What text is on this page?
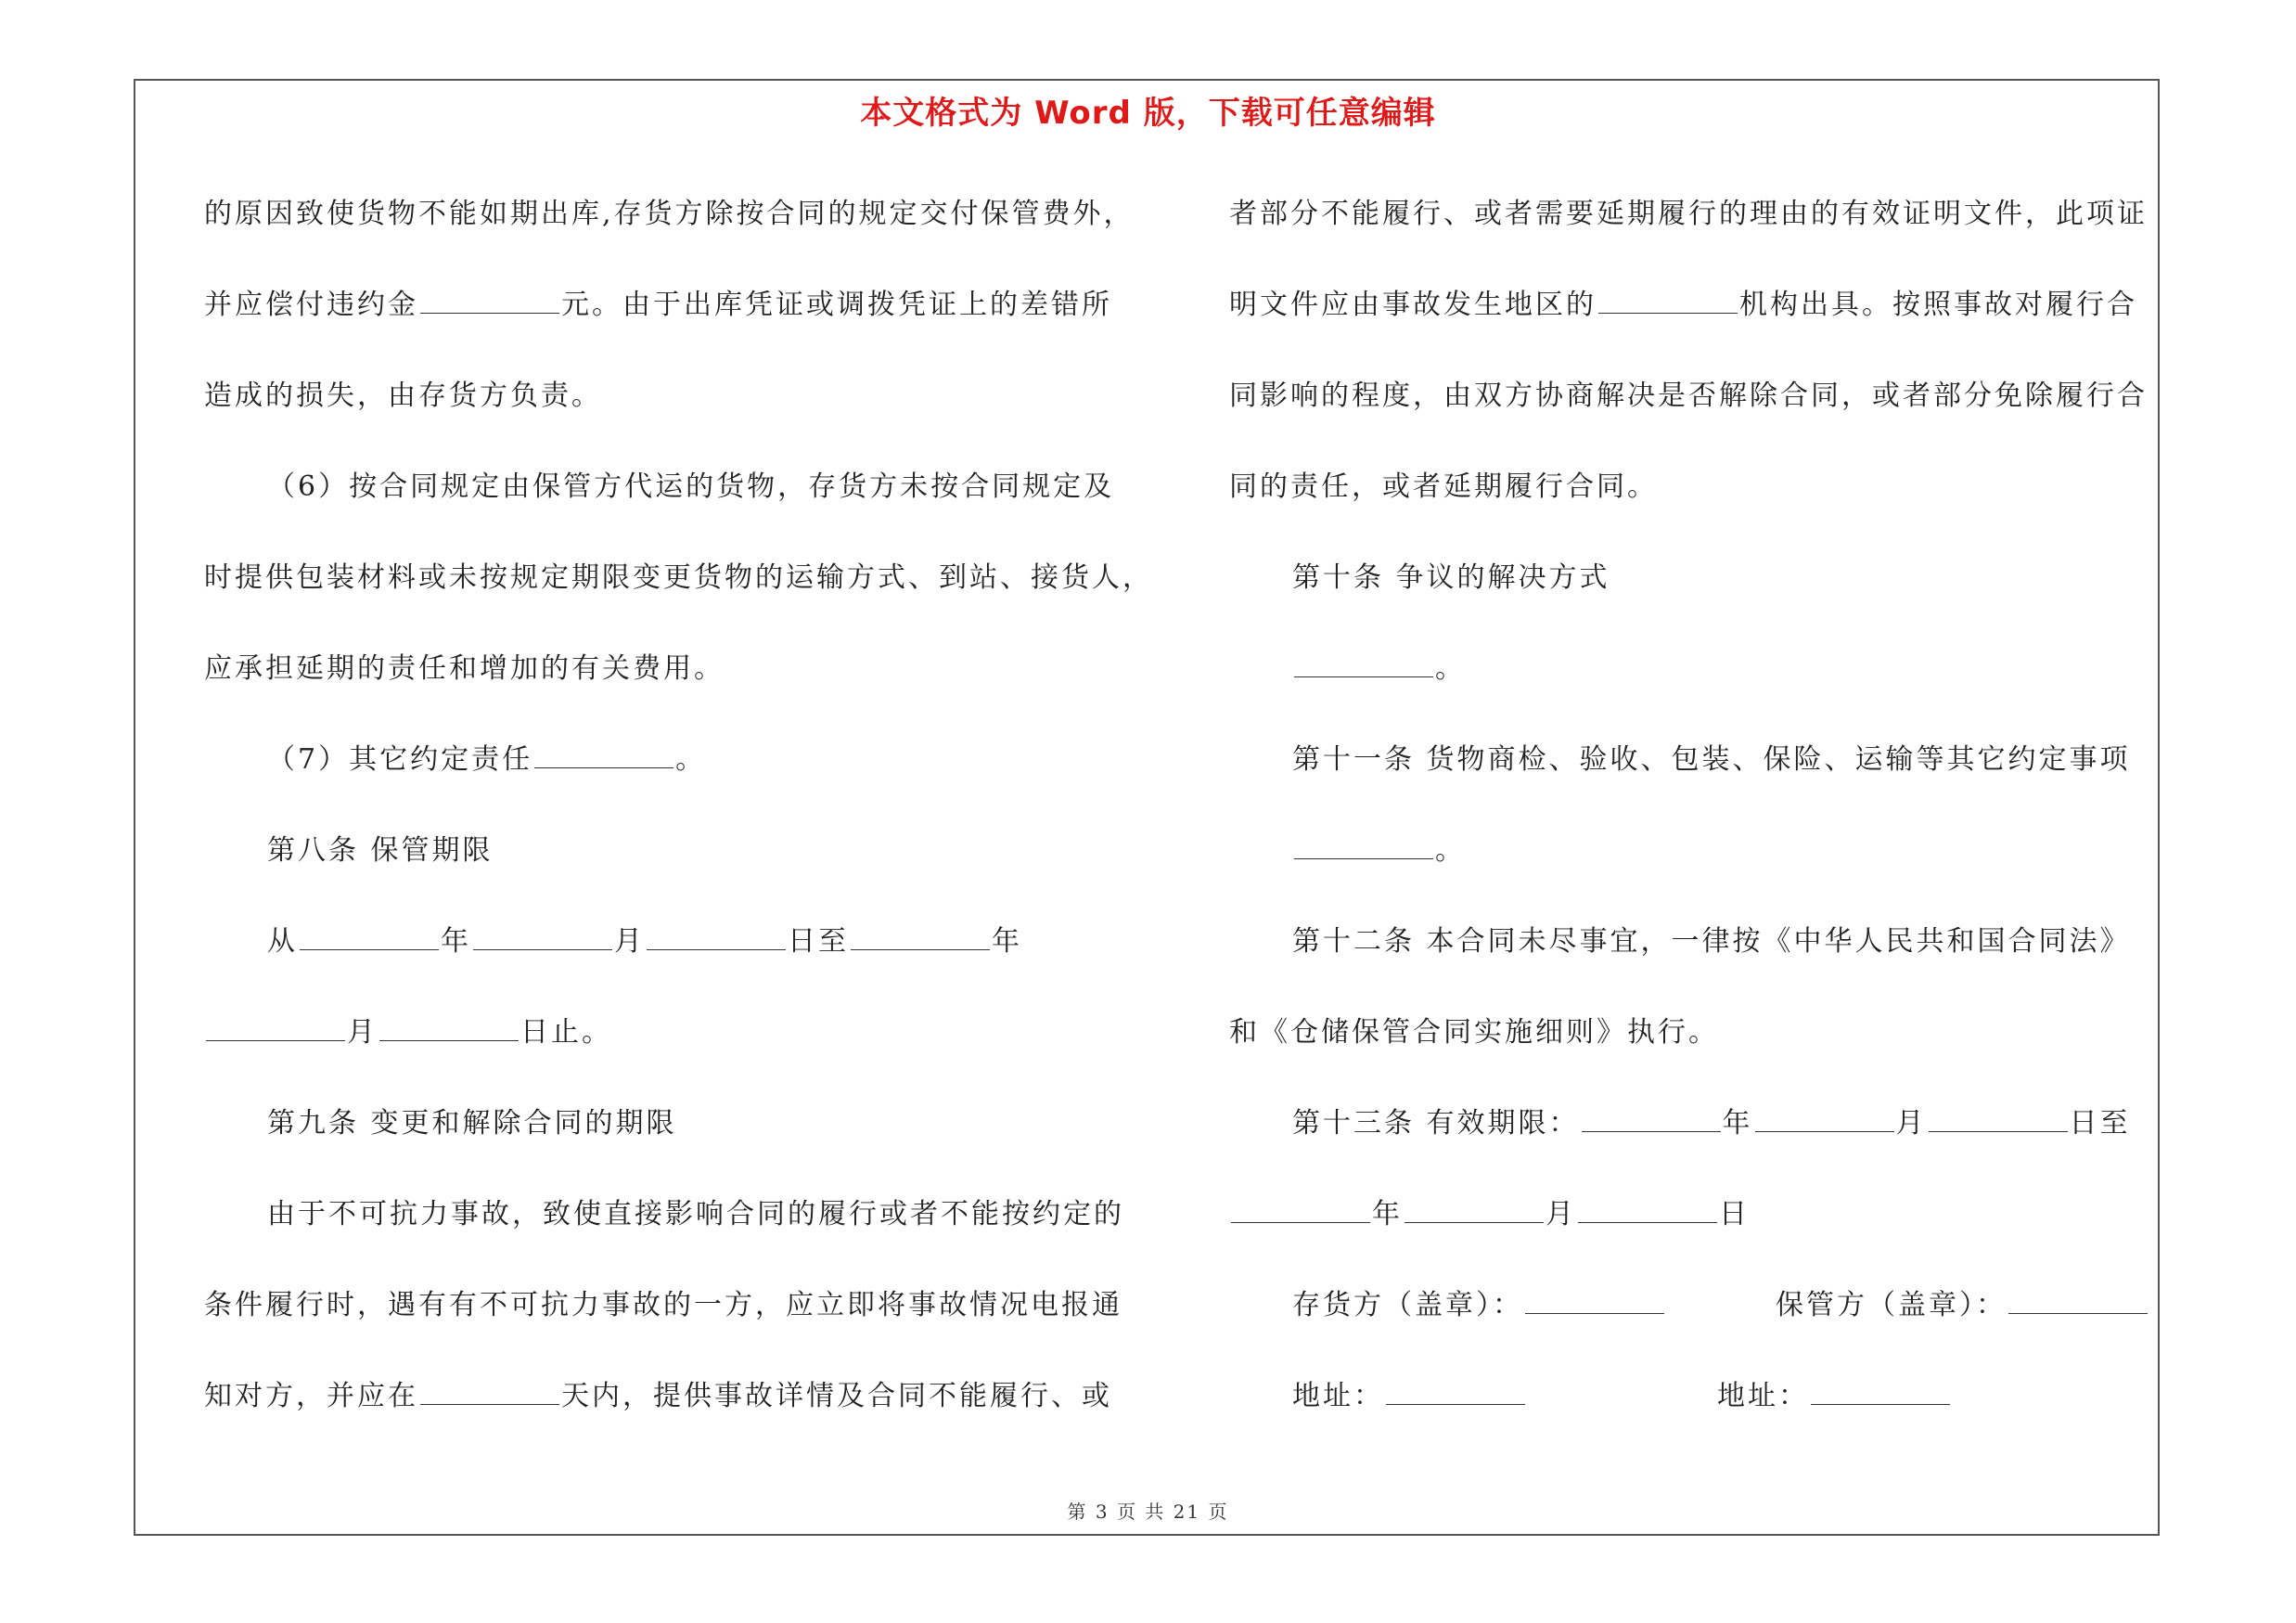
本文格式为 Word 版，下载可任意编辑
的原因致使货物不能如期出库,存货方除按合同的规定交付保管费外，
并应偿付违约金	元。由于出库凭证或调拨凭证上的差错所
造成的损失，由存货方负责。
（6）按合同规定由保管方代运的货物，存货方未按合同规定及
时提供包装材料或未按规定期限变更货物的运输方式、到站、接货人，
应承担延期的责任和增加的有关费用。
（7）其它约定责任	。
第八条 保管期限
从	年	月	日至	年
月	日止。
第九条 变更和解除合同的期限
由于不可抗力事故，致使直接影响合同的履行或者不能按约定的
条件履行时，遇有有不可抗力事故的一方，应立即将事故情况电报通
知对方，并应在	天内，提供事故详情及合同不能履行、或
者部分不能履行、或者需要延期履行的理由的有效证明文件，此项证
明文件应由事故发生地区的	机构出具。按照事故对履行合
同影响的程度，由双方协商解决是否解除合同，或者部分免除履行合
同的责任，或者延期履行合同。
第十条 争议的解决方式
。
第十一条 货物商检、验收、包装、保险、运输等其它约定事项
。
第十二条 本合同未尽事宜，一律按《中华人民共和国合同法》
和《仓储保管合同实施细则》执行。
第十三条 有效期限：	年	月	日至
年	月	日
存货方（盖章）：	保管方（盖章）：
地址：	地址：
第 3 页 共 21 页
